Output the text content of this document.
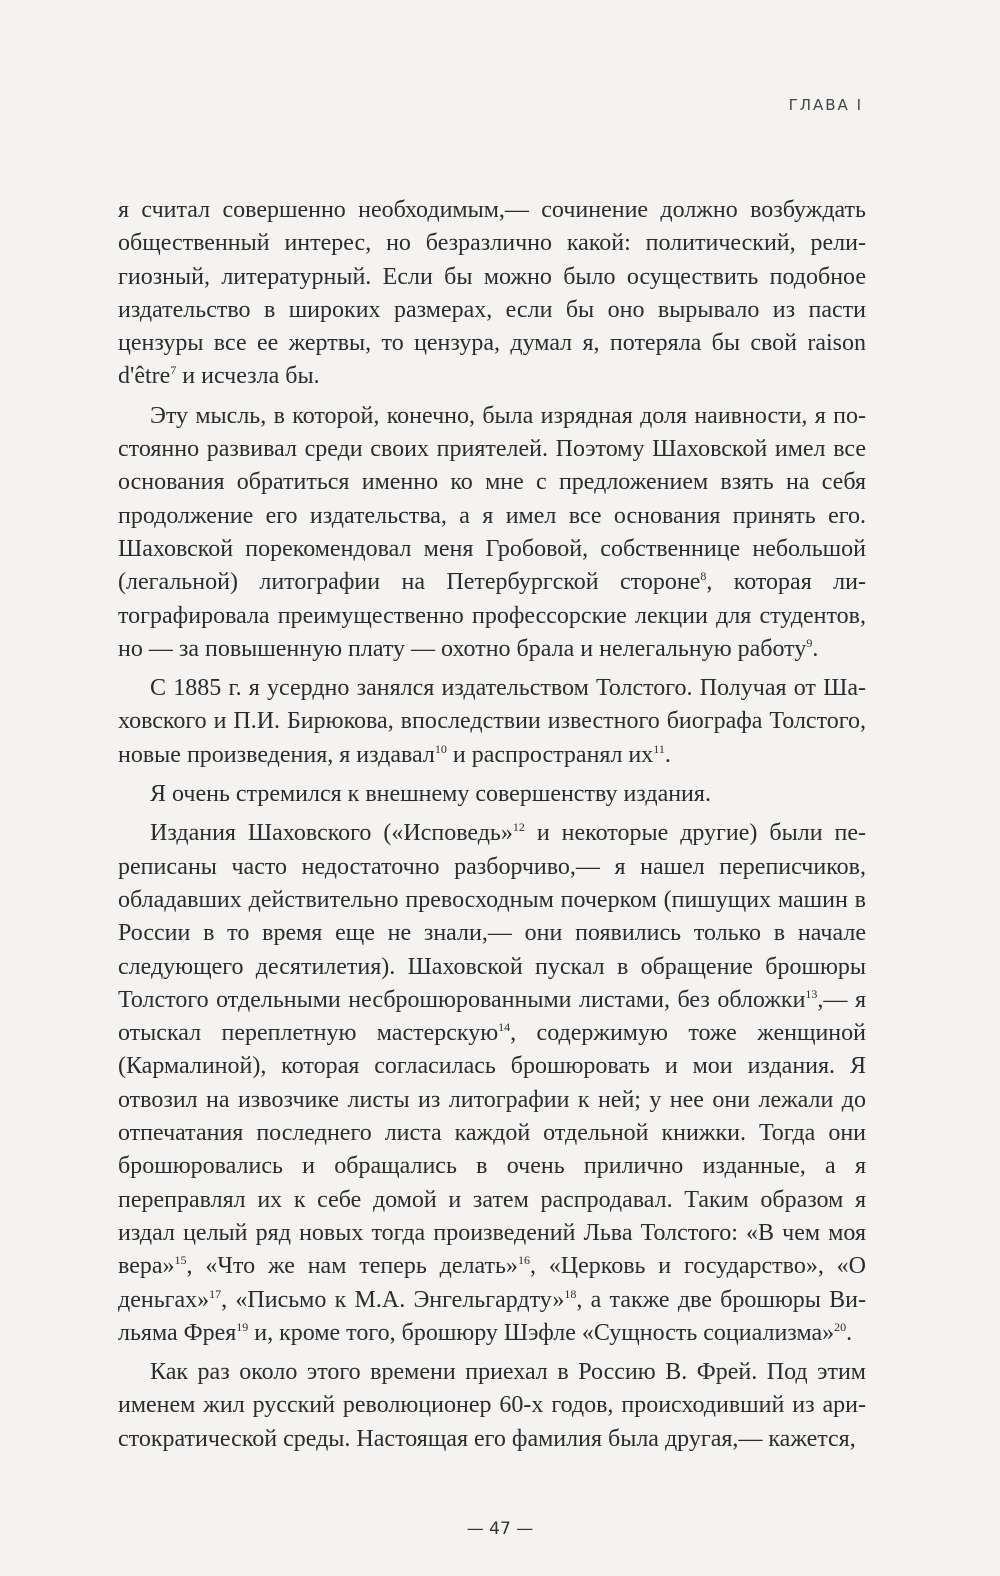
ГЛАВА I

я считал совершенно необходимым,— сочинение должно возбуждать общественный интерес, но безразлично какой: политический, религиозный, литературный. Если бы можно было осуществить подобное издательство в широких размерах, если бы оно вырывало из пасти цензуры все ее жертвы, то цензура, думал я, потеряла бы свой raison d'être$^7$ и исчезла бы.

Эту мысль, в которой, конечно, была изрядная доля наивности, я постоянно развивал среди своих приятелей. Поэтому Шаховской имел все основания обратиться именно ко мне с предложением взять на себя продолжение его издательства, а я имел все основания принять его. Шаховской порекомендовал меня Гробовой, собственнице небольшой (легальной) литографии на Петербургской стороне$^8$, которая литографировала преимущественно профессорские лекции для студентов, но — за повышенную плату — охотно брала и нелегальную работу$^9$.

С 1885 г. я усердно занялся издательством Толстого. Получая от Шаховского и П.И. Бирюкова, впоследствии известного биографа Толстого, новые произведения, я издавал$^{10}$ и распространял $их^{11}$.

Я очень стремился к внешнему совершенству издания.

Издания Шаховского («Исповедь»$^{12}$ и некоторые другие) были переписаны часто недостаточно разборчиво,— я нашел переписчиков, обладавших действительно превосходным почерком (пишущих машин в России в то время еще не знали,— они появились только в начале следующего десятилетия). Шаховской пускал в обращение брошюры Толстого отдельными несброшюрованными листами, без обложки$^{13}$,— я отыскал переплетную мастерскую$^{14}$, содержимую тоже женщиной (Кармалиной), которая согласилась брошюровать и мои издания. Я отвозил на извозчике листы из литографии к ней; у нее они лежали до отпечатания последнего листа каждой отдельной книжки. Тогда они брошюровались и обращались в очень прилично изданные, а я переправлял их к себе домой и затем распродавал. Таким образом я издал целый ряд новых тогда произведений Льва Толстого: «В чем моя вера»$^{15}$, «Что же нам теперь делать»$^{16}$, «Церковь и государство», «О деньгах»$^{17}$, «Письмо к М.А. Энгельгардту»$^{18}$, а также две брошюры Вильяма Фрея$^{19}$ и, кроме того, брошюру Шэфле «Сущность социализма»$^{20}$.

Как раз около этого времени приехал в Россию В. Фрей. Под этим именем жил русский революционер 60-х годов, происходивший из аристократической среды. Настоящая его фамилия была другая,— кажется,

— 47 —
